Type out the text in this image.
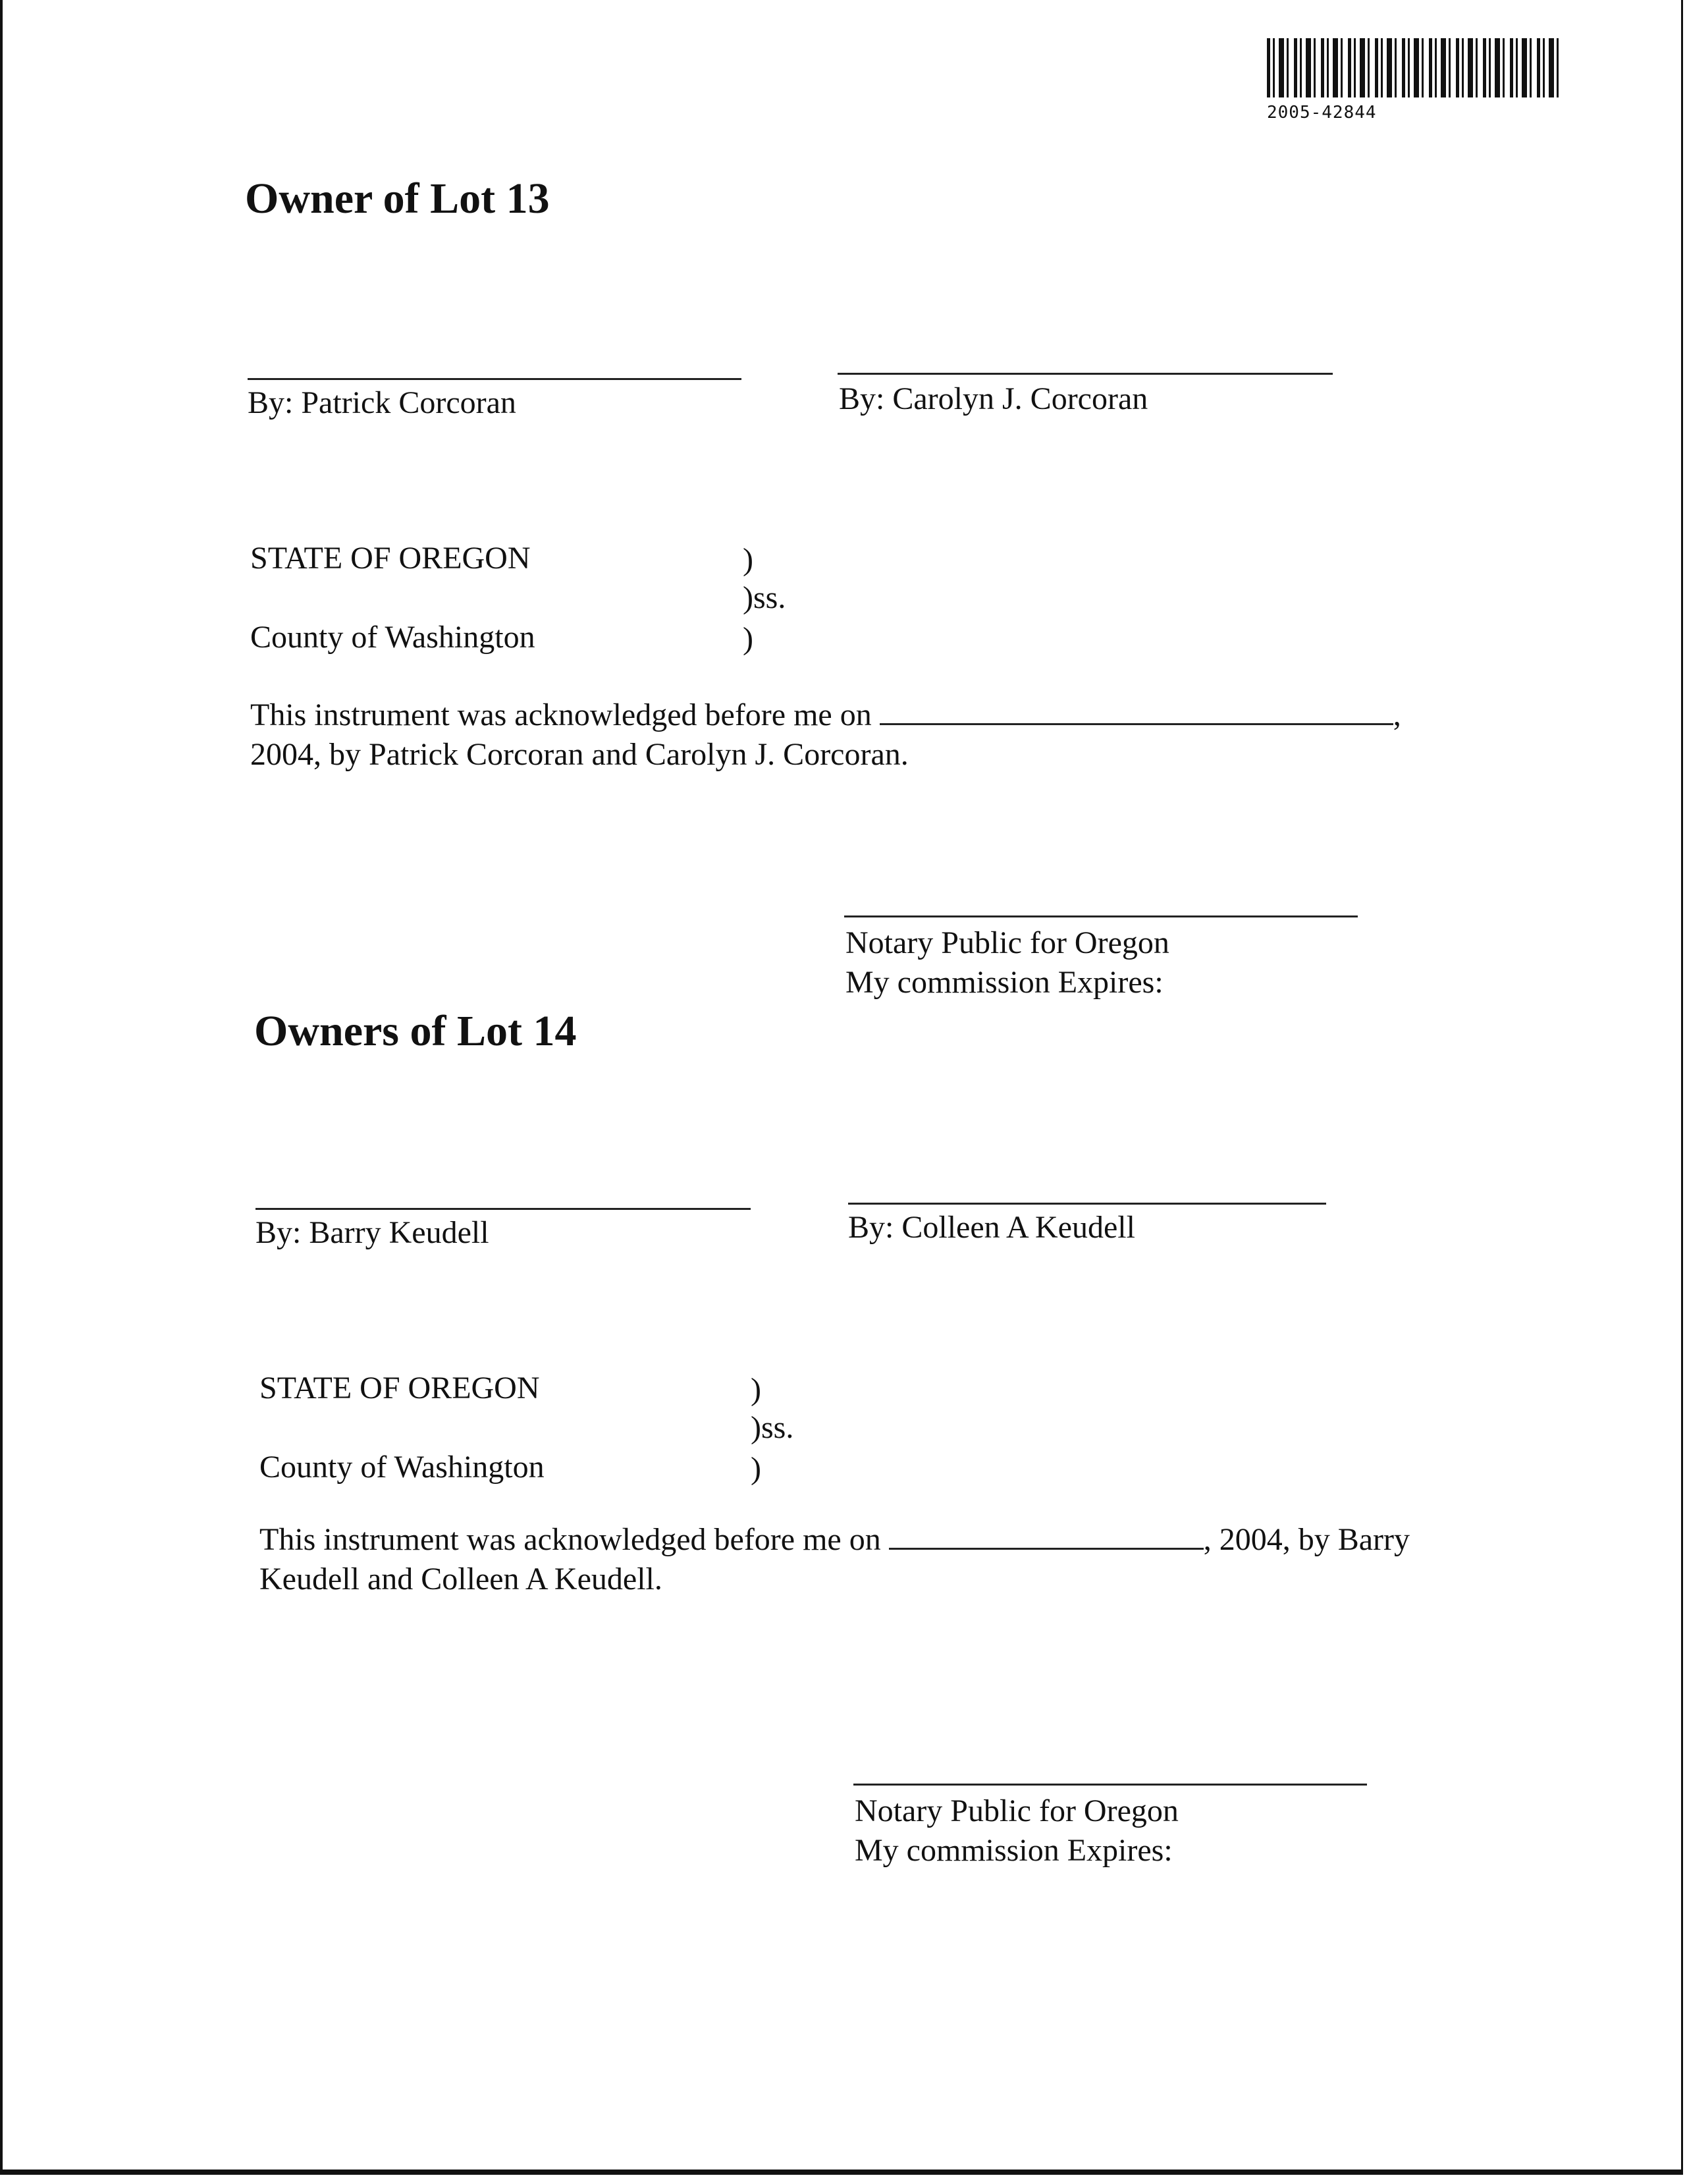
2005-42844
Owner of Lot 13
By: Patrick Corcoran	By: Carolyn J. Corcoran
STATE OF OREGON	)
)ss.
County of Washington	)
This instrument was acknowledged before me on	,
2004, by Patrick Corcoran and Carolyn J. Corcoran.
Notary Public for Oregon
My commission Expires:
Owners of Lot 14
By: Barry Keudell	By: Colleen A Keudell
STATE OF OREGON	)
)ss.
County of Washington	)
This instrument was acknowledged before me on	, 2004, by Barry
Keudell and Colleen A Keudell.
Notary Public for Oregon
My commission Expires:
